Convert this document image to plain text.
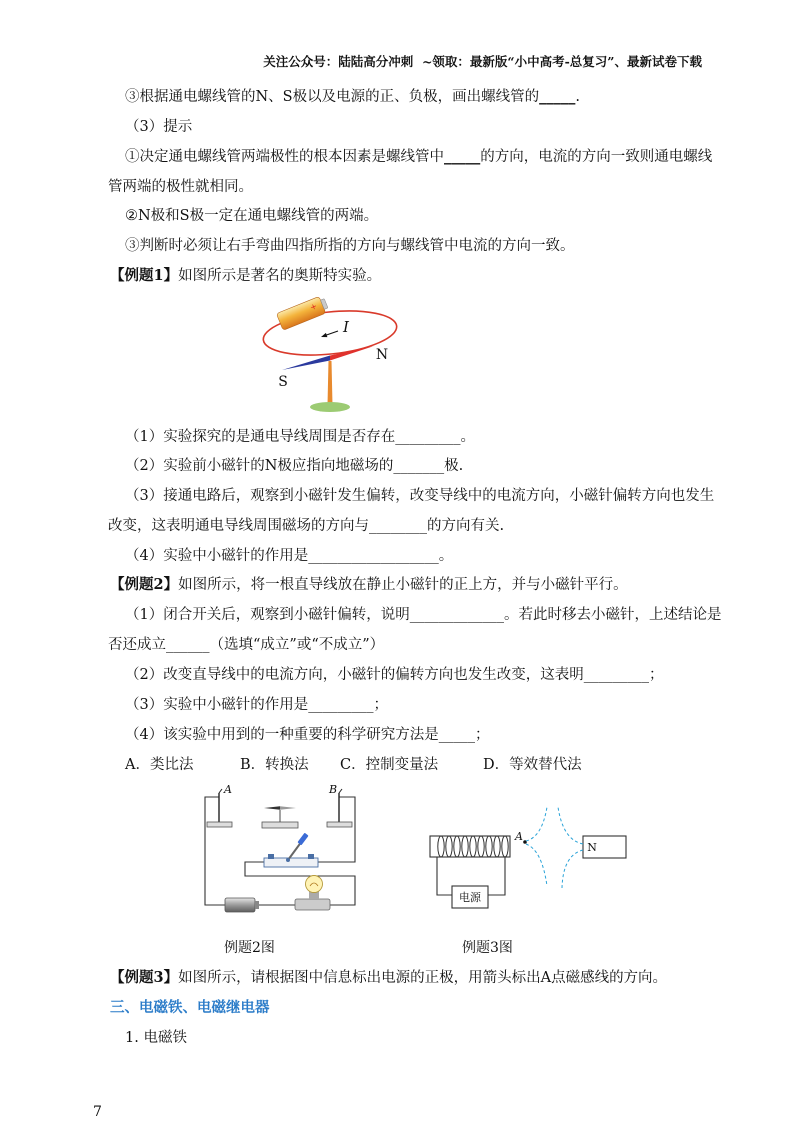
关注公众号：陆陆高分冲刺  ~领取：最新版“小中高考-总复习”、最新试卷下载
③根据通电螺线管的N、S极以及电源的正、负极，画出螺线管的_____.
（3）提示
①决定通电螺线管两端极性的根本因素是螺线管中_____的方向，电流的方向一致则通电螺线
管两端的极性就相同。
②N极和S极一定在通电螺线管的两端。
③判断时必须让右手弯曲四指所指的方向与螺线管中电流的方向一致。
【例题1】如图所示是著名的奥斯特实验。
+
I
S
N
（1）实验探究的是通电导线周围是否存在_________。
（2）实验前小磁针的N极应指向地磁场的_______极.
（3）接通电路后，观察到小磁针发生偏转，改变导线中的电流方向，小磁针偏转方向也发生
改变，这表明通电导线周围磁场的方向与________的方向有关.
（4）实验中小磁针的作用是__________________。
【例题2】如图所示，将一根直导线放在静止小磁针的正上方，并与小磁针平行。
（1）闭合开关后，观察到小磁针偏转，说明_____________。若此时移去小磁针，上述结论是
否还成立______（选填“成立”或“不成立”）
（2）改变直导线中的电流方向，小磁针的偏转方向也发生改变，这表明_________；
（3）实验中小磁针的作用是_________；
（4）该实验中用到的一种重要的科学研究方法是_____；
A．类比法	B．转换法 C．控制变量法	D．等效替代法
A	B
电源
A
N
例题2图	例题3图
【例题3】如图所示，请根据图中信息标出电源的正极，用箭头标出A点磁感线的方向。
三、电磁铁、电磁继电器
1. 电磁铁
7
